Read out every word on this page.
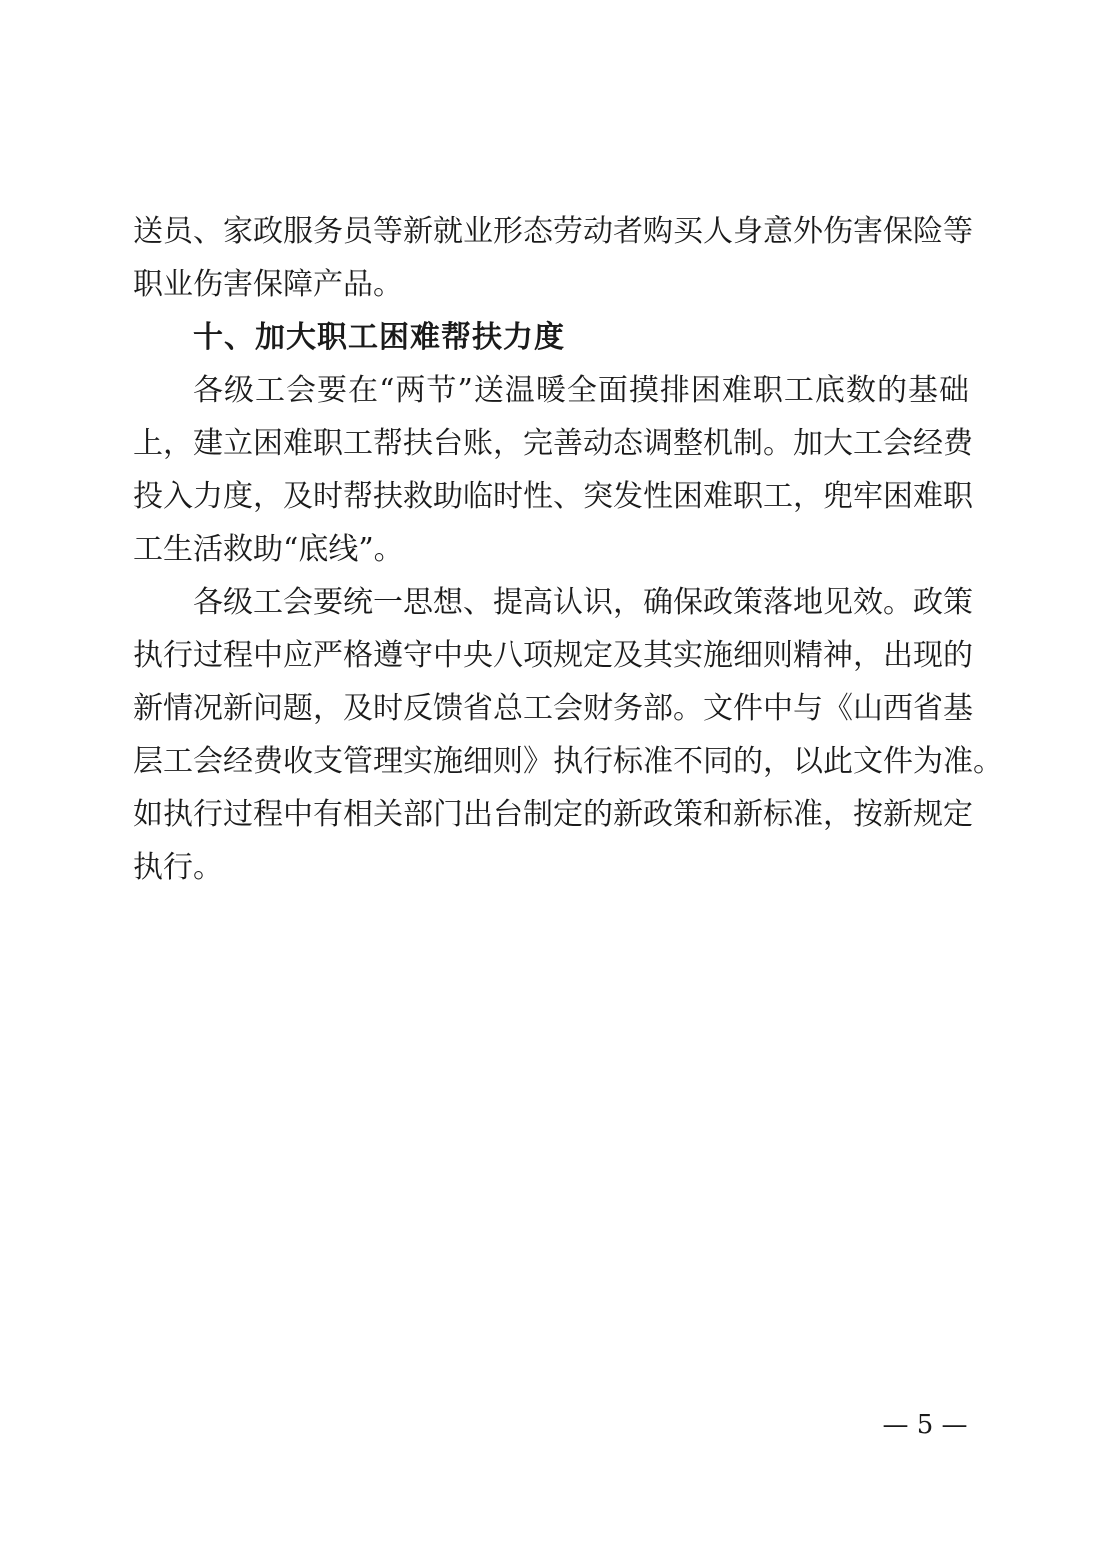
送员、家政服务员等新就业形态劳动者购买人身意外伤害保险等
职业伤害保障产品。
十、加大职工困难帮扶力度
各级工会要在“两节”送温暖全面摸排困难职工底数的基础
上，建立困难职工帮扶台账，完善动态调整机制。加大工会经费
投入力度，及时帮扶救助临时性、突发性困难职工，兜牢困难职
工生活救助“底线”。
各级工会要统一思想、提高认识，确保政策落地见效。政策
执行过程中应严格遵守中央八项规定及其实施细则精神，出现的
新情况新问题，及时反馈省总工会财务部。文件中与《山西省基
层工会经费收支管理实施细则》执行标准不同的，以此文件为准。
如执行过程中有相关部门出台制定的新政策和新标准，按新规定
执行。
— 5 —
